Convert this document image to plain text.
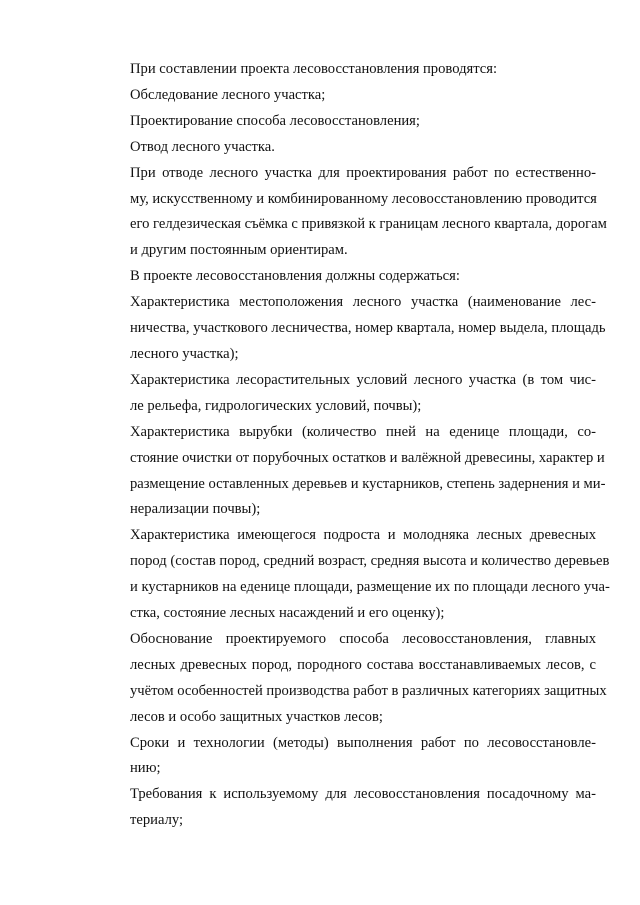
При составлении проекта лесовосстановления проводятся:
Обследование лесного участка;
Проектирование способа лесовосстановления;
Отвод лесного участка.
При отводе лесного участка для проектирования работ по естественно-
му, искусственному и комбинированному лесовосстановлению проводится
его гелдезическая съёмка с привязкой к границам лесного квартала, дорогам
и другим постоянным ориентирам.
В проекте лесовосстановления должны содержаться:
Характеристика местоположения лесного участка (наименование лес-
ничества, участкового лесничества, номер квартала, номер выдела, площадь
лесного участка);
Характеристика лесорастительных условий лесного участка (в том чис-
ле рельефа, гидрологических условий, почвы);
Характеристика вырубки (количество пней на еденице площади, со-
стояние очистки от порубочных остатков и валёжной древесины, характер и
размещение оставленных деревьев и кустарников, степень задернения и ми-
нерализации почвы);
Характеристика имеющегося подроста и молодняка лесных древесных
пород (состав пород, средний возраст, средняя высота и количество деревьев
и кустарников на еденице площади, размещение их по площади лесного уча-
стка, состояние лесных насаждений и его оценку);
Обоснование проектируемого способа лесовосстановления, главных
лесных древесных пород, породного состава восстанавливаемых лесов, с
учётом особенностей производства работ в различных категориях защитных
лесов и особо защитных участков лесов;
Сроки и технологии (методы) выполнения работ по лесовосстановле-
нию;
Требования к используемому для лесовосстановления посадочному ма-
териалу;
